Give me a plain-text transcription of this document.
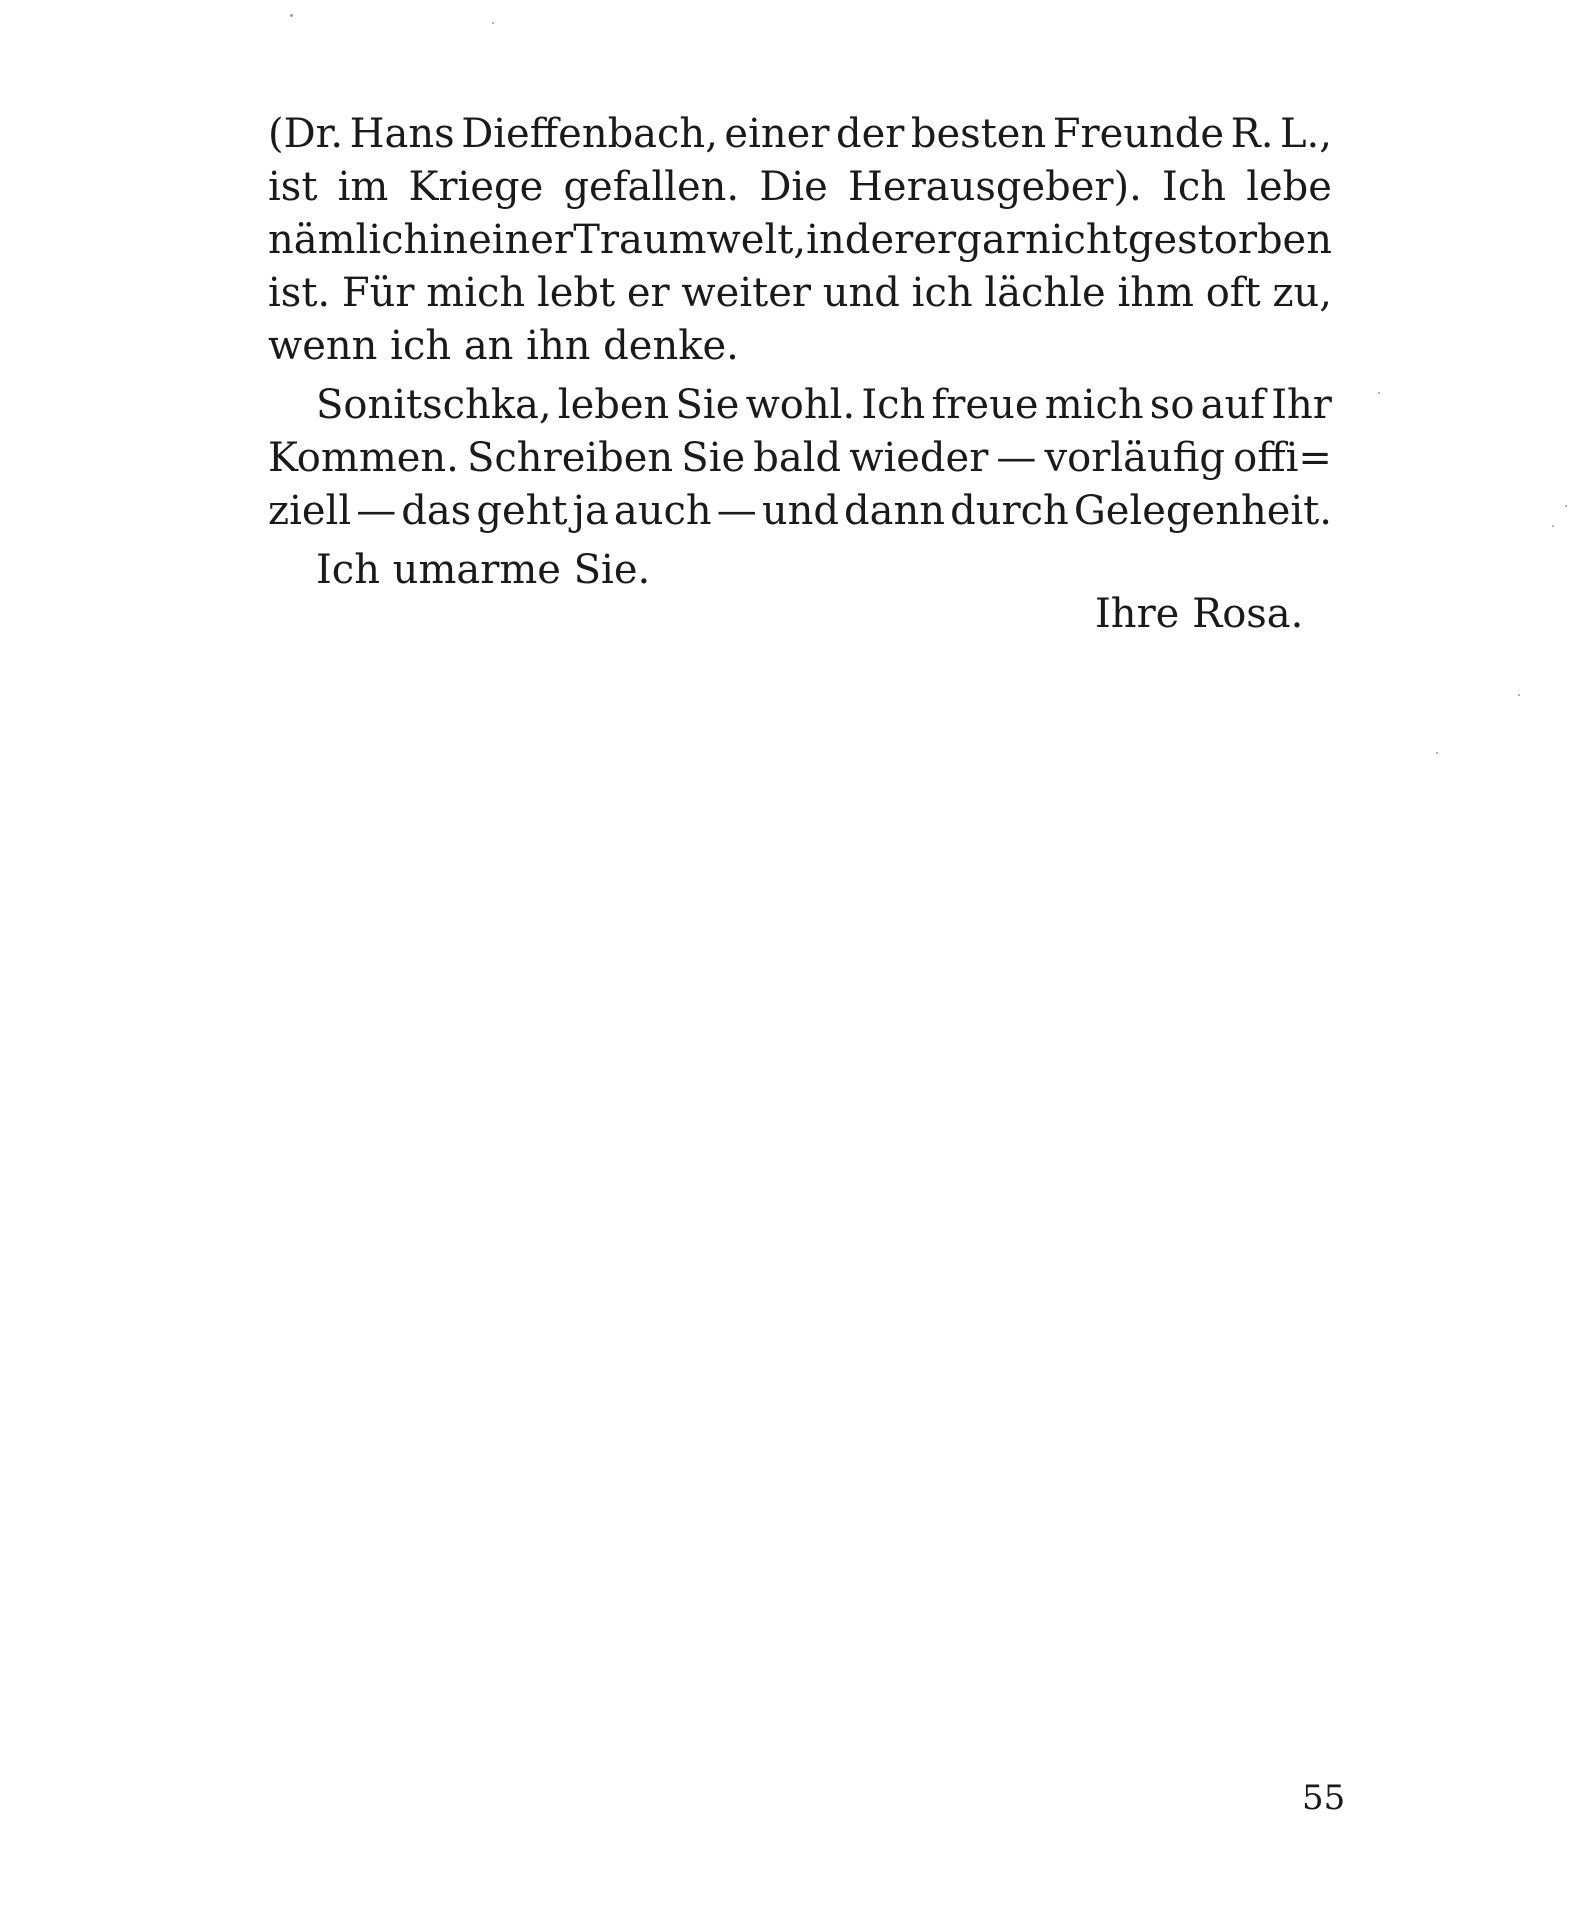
(Dr. Hans Dieffenbach, einer der besten Freunde R. L.,
ist im Kriege gefallen. Die Herausgeber). Ich lebe
nämlich in einer Traumwelt, in der er gar nicht gestorben
ist. Für mich lebt er weiter und ich lächle ihm oft zu,
wenn ich an ihn denke.
Sonitschka, leben Sie wohl. Ich freue mich so auf Ihr
Kommen. Schreiben Sie bald wieder — vorläufig offi=
ziell — das geht ja auch — und dann durch Gelegenheit.
Ich umarme Sie.
Ihre Rosa.
55
